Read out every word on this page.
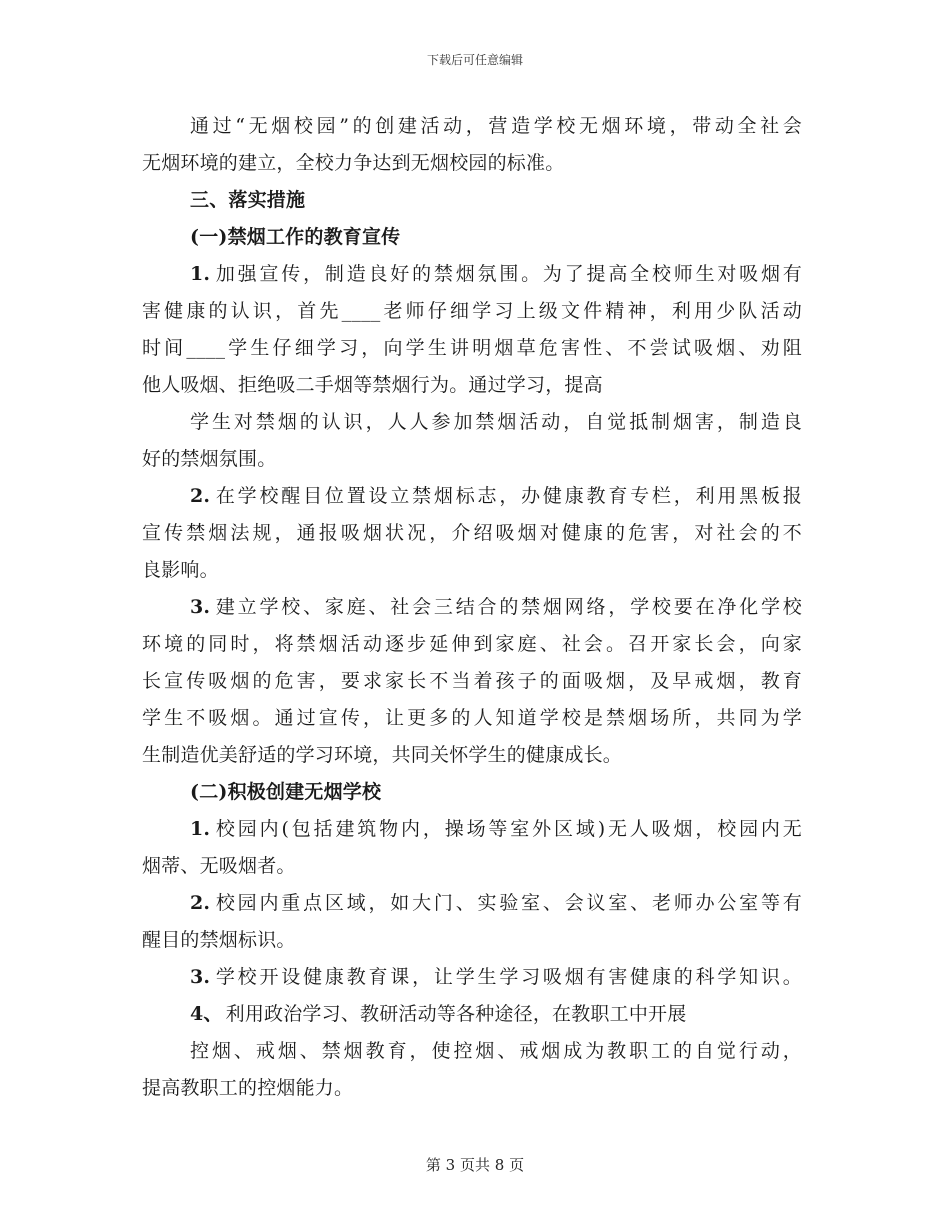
下载后可任意编辑
通过“无烟校园”的创建活动，营造学校无烟环境，带动全社会
无烟环境的建立，全校力争达到无烟校园的标准。
三、落实措施
(一)禁烟工作的教育宣传
1. 加强宣传，制造良好的禁烟氛围。为了提高全校师生对吸烟有
害健康的认识，首先____老师仔细学习上级文件精神，利用少队活动
时间____学生仔细学习，向学生讲明烟草危害性、不尝试吸烟、劝阻
他人吸烟、拒绝吸二手烟等禁烟行为。通过学习，提高
学生对禁烟的认识，人人参加禁烟活动，自觉抵制烟害，制造良
好的禁烟氛围。
2. 在学校醒目位置设立禁烟标志，办健康教育专栏，利用黑板报
宣传禁烟法规，通报吸烟状况，介绍吸烟对健康的危害，对社会的不
良影响。
3. 建立学校、家庭、社会三结合的禁烟网络，学校要在净化学校
环境的同时，将禁烟活动逐步延伸到家庭、社会。召开家长会，向家
长宣传吸烟的危害，要求家长不当着孩子的面吸烟，及早戒烟，教育
学生不吸烟。通过宣传，让更多的人知道学校是禁烟场所，共同为学
生制造优美舒适的学习环境，共同关怀学生的健康成长。
(二)积极创建无烟学校
1. 校园内(包括建筑物内，操场等室外区域)无人吸烟，校园内无
烟蒂、无吸烟者。
2. 校园内重点区域，如大门、实验室、会议室、老师办公室等有
醒目的禁烟标识。
3. 学校开设健康教育课，让学生学习吸烟有害健康的科学知识。
4、 利用政治学习、教研活动等各种途径，在教职工中开展
控烟、戒烟、禁烟教育，使控烟、戒烟成为教职工的自觉行动，
提高教职工的控烟能力。
第 3 页共 8 页
